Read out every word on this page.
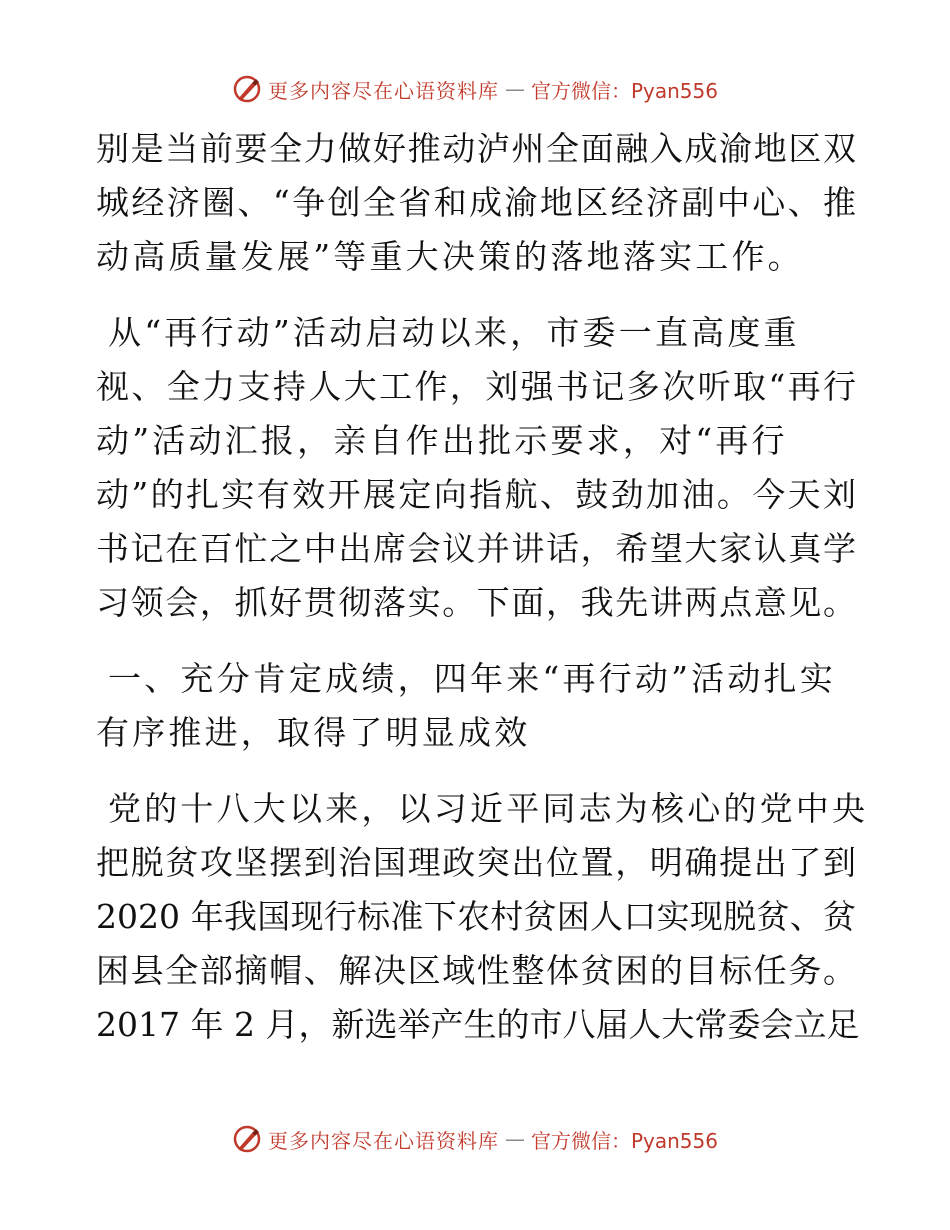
更多内容尽在心语资料库 — 官方微信：Pyan556
别是当前要全力做好推动泸州全面融入成渝地区双
城经济圈、“争创全省和成渝地区经济副中心、推
动高质量发展”等重大决策的落地落实工作。
从“再行动”活动启动以来，市委一直高度重
视、全力支持人大工作，刘强书记多次听取“再行
动”活动汇报，亲自作出批示要求，对“再行
动”的扎实有效开展定向指航、鼓劲加油。今天刘
书记在百忙之中出席会议并讲话，希望大家认真学
习领会，抓好贯彻落实。下面，我先讲两点意见。
一、充分肯定成绩，四年来“再行动”活动扎实
有序推进，取得了明显成效
党的十八大以来，以习近平同志为核心的党中央
把脱贫攻坚摆到治国理政突出位置，明确提出了到
2020 年我国现行标准下农村贫困人口实现脱贫、贫
困县全部摘帽、解决区域性整体贫困的目标任务。
2017 年 2 月，新选举产生的市八届人大常委会立足
更多内容尽在心语资料库 — 官方微信：Pyan556
